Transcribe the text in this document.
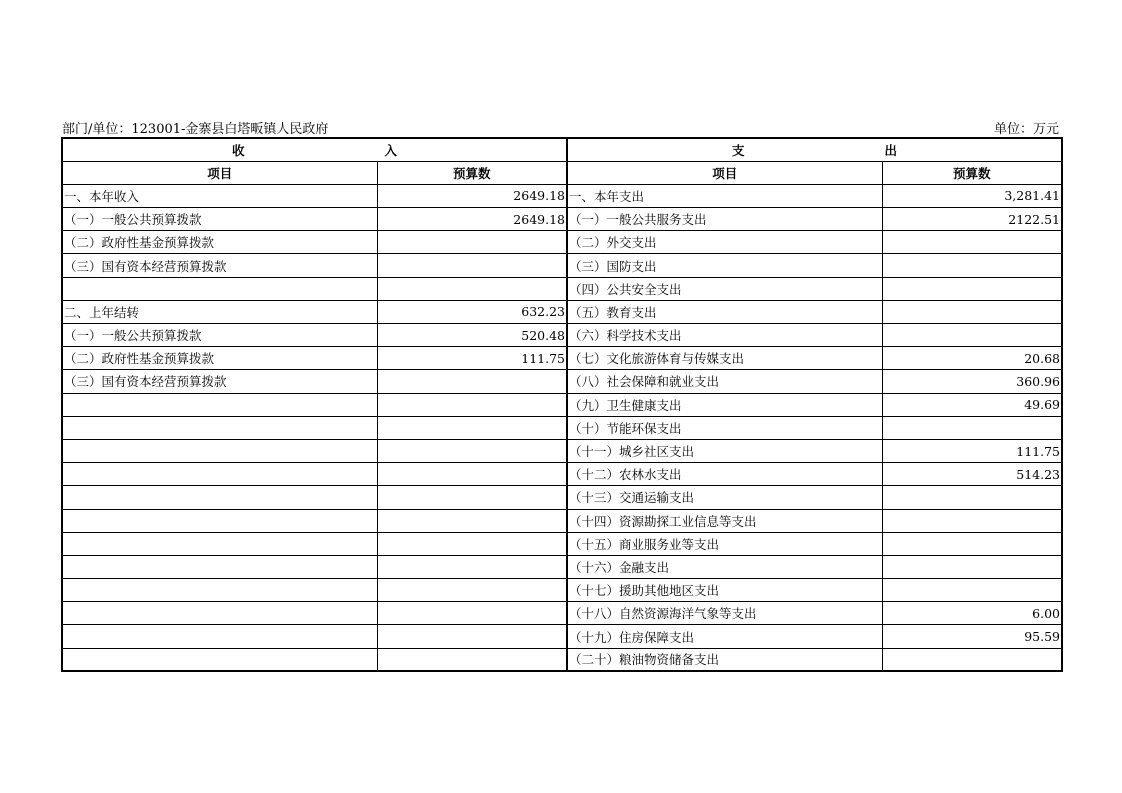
部门/单位：123001-金寨县白塔畈镇人民政府	单位：万元
收 入		支 出	
项目	预算数	项目	预算数
一、本年收入	2649.18	一、本年支出	3,281.41
（一）一般公共预算拨款	2649.18	（一）一般公共服务支出	2122.51
（二）政府性基金预算拨款		（二）外交支出	
（三）国有资本经营预算拨款		（三）国防支出	
		（四）公共安全支出	
二、上年结转	632.23	（五）教育支出	
（一）一般公共预算拨款	520.48	（六）科学技术支出	
（二）政府性基金预算拨款	111.75	（七）文化旅游体育与传媒支出	20.68
（三）国有资本经营预算拨款		（八）社会保障和就业支出	360.96
		（九）卫生健康支出	49.69
		（十）节能环保支出	
		（十一）城乡社区支出	111.75
		（十二）农林水支出	514.23
		（十三）交通运输支出	
		（十四）资源勘探工业信息等支出	
		（十五）商业服务业等支出	
		（十六）金融支出	
		（十七）援助其他地区支出	
		（十八）自然资源海洋气象等支出	6.00
		（十九）住房保障支出	95.59
		（二十）粮油物资储备支出	
